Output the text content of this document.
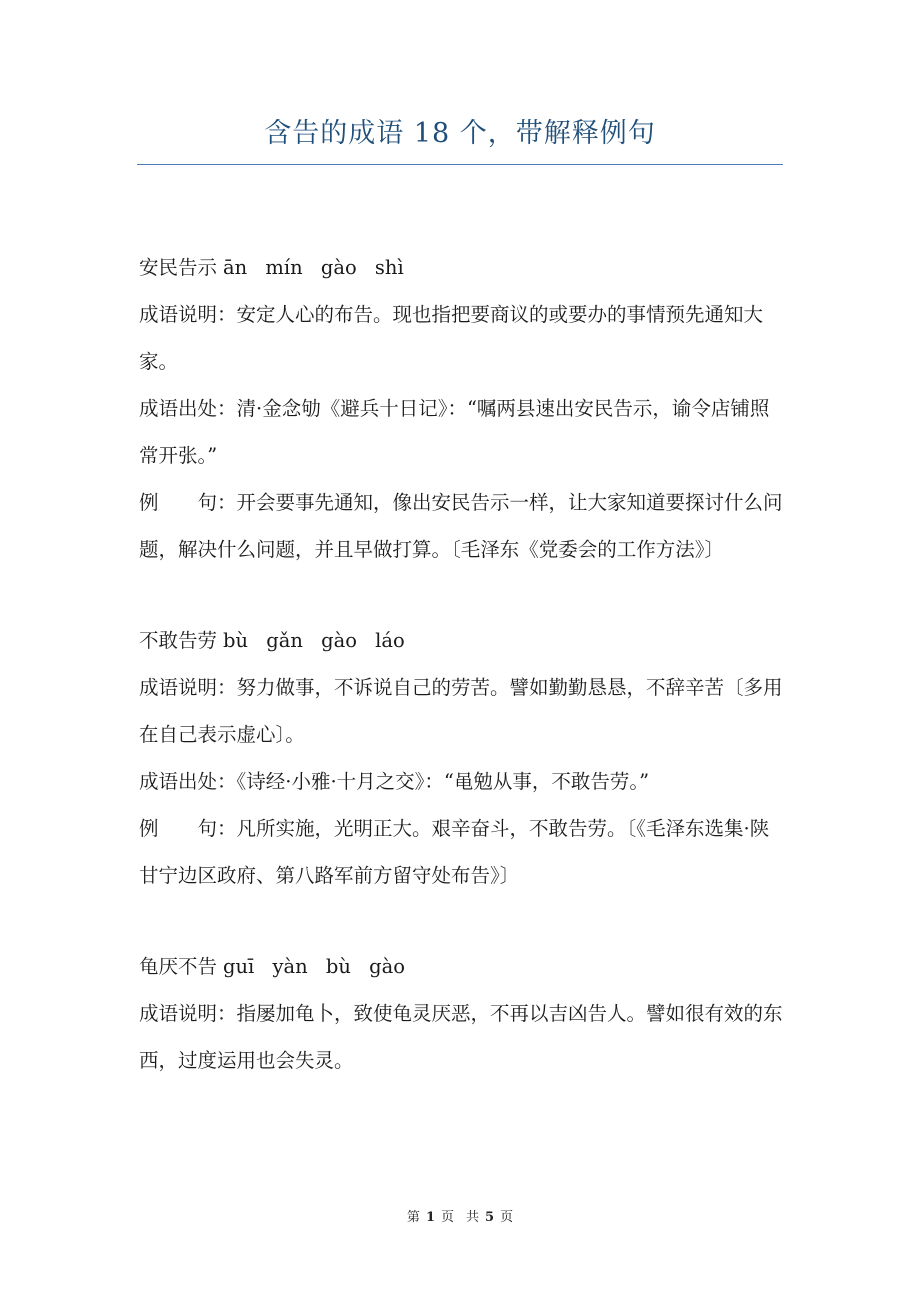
含告的成语 18 个，带解释例句

安民告示 ān mín gào shì

成语说明：安定人心的布告。现也指把要商议的或要办的事情预先通知大家。

成语出处：清·金念劬《避兵十日记》：“嘱两县速出安民告示，谕令店铺照常开张。”

例　　句：开会要事先通知，像出安民告示一样，让大家知道要探讨什么问题，解决什么问题，并且早做打算。〔毛泽东《党委会的工作方法》〕

不敢告劳 bù gǎn gào láo

成语说明：努力做事，不诉说自己的劳苦。譬如勤勤恳恳，不辞辛苦〔多用在自己表示虚心〕。

成语出处：《诗经·小雅·十月之交》：“黾勉从事，不敢告劳。”

例　　句：凡所实施，光明正大。艰辛奋斗，不敢告劳。〔《毛泽东选集·陕甘宁边区政府、第八路军前方留守处布告》〕

龟厌不告 guī yàn bù gào

成语说明：指屡加龟卜，致使龟灵厌恶，不再以吉凶告人。譬如很有效的东西，过度运用也会失灵。

第 1 页 共 5 页
